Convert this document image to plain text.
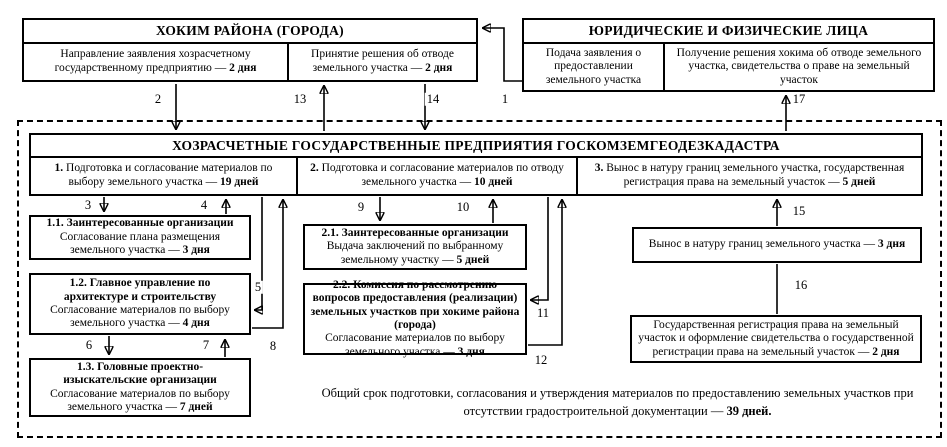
ХОКИМ РАЙОНА (ГОРОДА)
Направление заявления хозрасчетному государственному предприятию — 2 дня
Принятие решения об отводе земельного участка — 2 дня
ЮРИДИЧЕСКИЕ И ФИЗИЧЕСКИЕ ЛИЦА
Подача заявления о предоставлении земельного участка
Получение решения хокима об отводе земельного участка, свидетельства о праве на земельный участок
ХОЗРАСЧЕТНЫЕ ГОСУДАРСТВЕННЫЕ ПРЕДПРИЯТИЯ ГОСКОМЗЕМГЕОДЕЗКАДАСТРА
1. Подготовка и согласование материалов по выбору земельного участка — 19 дней
2. Подготовка и согласование материалов по отводу земельного участка — 10 дней
3. Вынос в натуру границ земельного участка, государственная регистрация права на земельный участок — 5 дней
1.1. Заинтересованные организации
Согласование плана размещения земельного участка — 3 дня
1.2. Главное управление по архитектуре и строительству
Согласование материалов по выбору земельного участка — 4 дня
1.3. Головные проектно-изыскательские организации
Согласование материалов по выбору земельного участка — 7 дней
2.1. Заинтересованные организации
Выдача заключений по выбранному земельному участку — 5 дней
2.2. Комиссия по рассмотрению вопросов предоставления (реализации) земельных участков при хокиме района (города)
Согласование материалов по выбору земельного участка — 3 дня
Вынос в натуру границ земельного участка — 3 дня
Государственная регистрация права на земельный участок и оформление свидетельства о государственной регистрации права на земельный участок — 2 дня
Общий срок подготовки, согласования и утверждения материалов по предоставлению земельных участков при отсутствии градостроительной документации — 39 дней.
1
2
3	4
5
6	7	8
9	10
11
12
13	14
15
16
17
